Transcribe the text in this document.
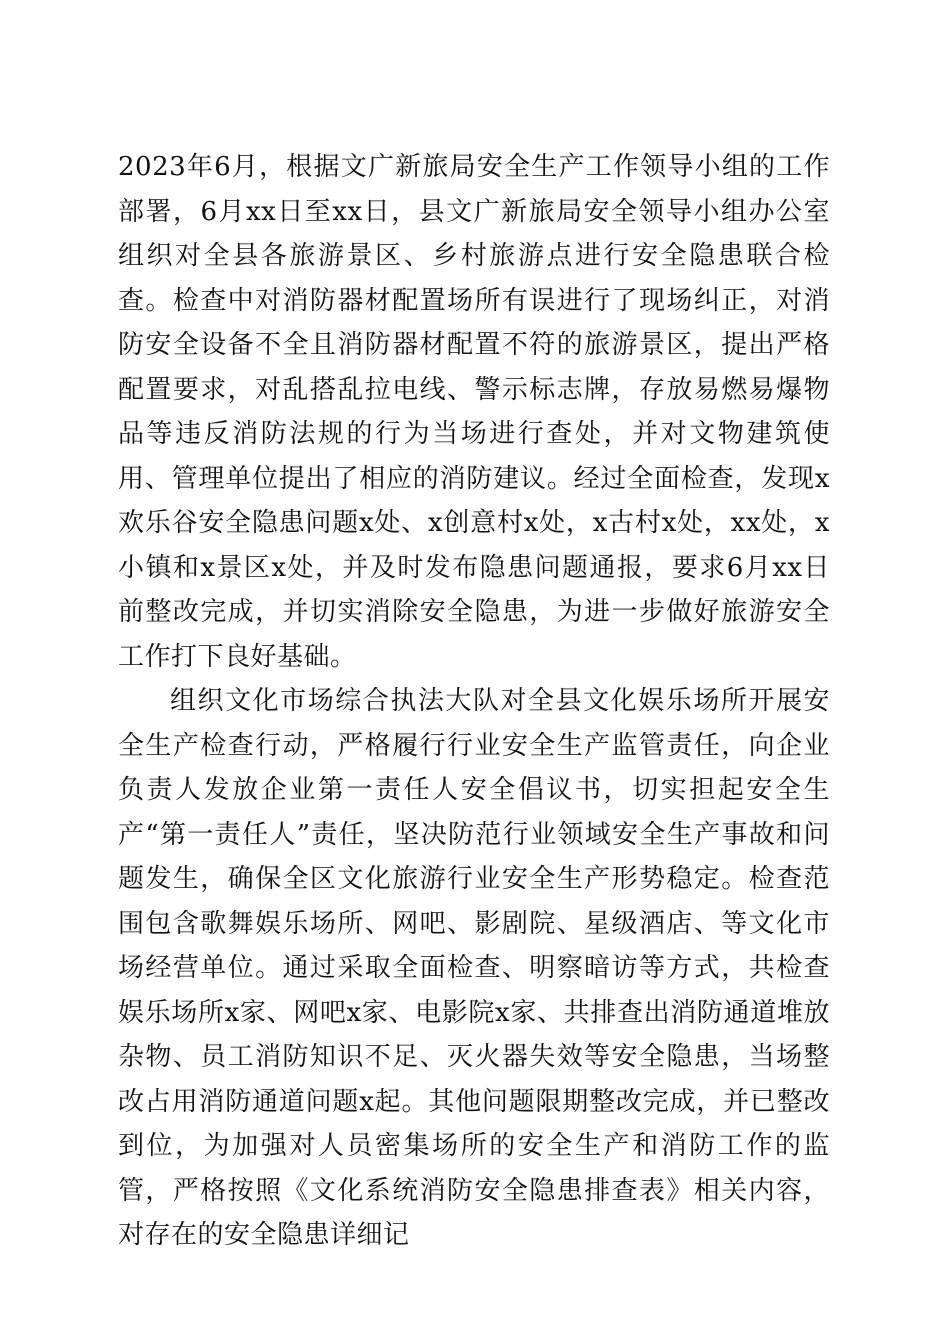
2023年6月，根据文广新旅局安全生产工作领导小组的工作部署，6月xx日至xx日，县文广新旅局安全领导小组办公室组织对全县各旅游景区、乡村旅游点进行安全隐患联合检查。检查中对消防器材配置场所有误进行了现场纠正，对消防安全设备不全且消防器材配置不符的旅游景区，提出严格配置要求，对乱搭乱拉电线、警示标志牌，存放易燃易爆物品等违反消防法规的行为当场进行查处，并对文物建筑使用、管理单位提出了相应的消防建议。经过全面检查，发现x欢乐谷安全隐患问题x处、x创意村x处，x古村x处，xx处，x小镇和x景区x处，并及时发布隐患问题通报，要求6月xx日前整改完成，并切实消除安全隐患，为进一步做好旅游安全工作打下良好基础。

组织文化市场综合执法大队对全县文化娱乐场所开展安全生产检查行动，严格履行行业安全生产监管责任，向企业负责人发放企业第一责任人安全倡议书，切实担起安全生产“第一责任人”责任，坚决防范行业领域安全生产事故和问题发生，确保全区文化旅游行业安全生产形势稳定。检查范围包含歌舞娱乐场所、网吧、影剧院、星级酒店、等文化市场经营单位。通过采取全面检查、明察暗访等方式，共检查娱乐场所x家、网吧x家、电影院x家、共排查出消防通道堆放杂物、员工消防知识不足、灭火器失效等安全隐患，当场整改占用消防通道问题x起。其他问题限期整改完成，并已整改到位，为加强对人员密集场所的安全生产和消防工作的监管，严格按照《文化系统消防安全隐患排查表》相关内容，对存在的安全隐患详细记
